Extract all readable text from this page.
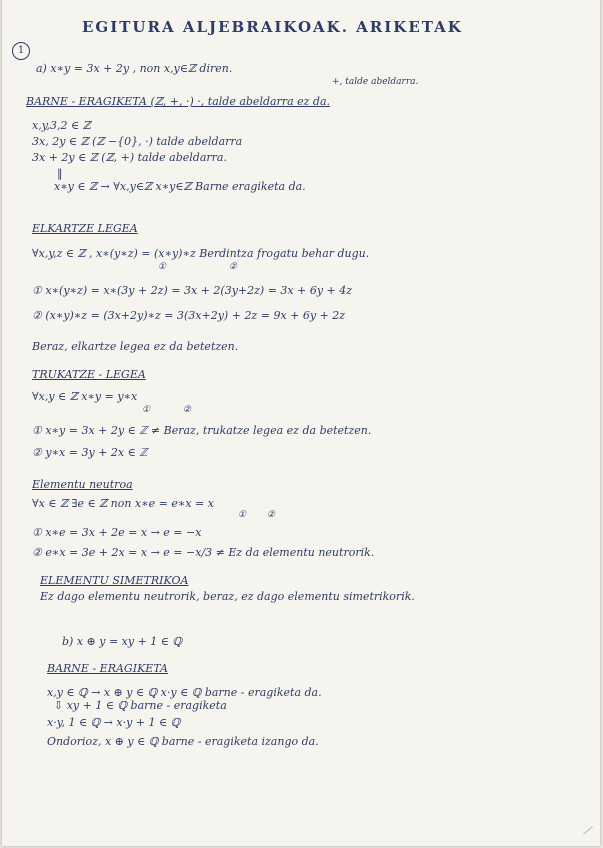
EGITURA ALJEBRAIKOAK. ARIKETAK
1
a) x∗y = 3x + 2y , non x,y∈ℤ diren.
+, talde abeldarra.
BARNE - ERAGIKETA (ℤ, +, ·) ·, talde abeldarra ez da.
x,y,3,2 ∈ ℤ
3x, 2y ∈ ℤ (ℤ −{0}, ·) talde abeldarra
3x + 2y ∈ ℤ (ℤ, +) talde abeldarra.
‖
x∗y ∈ ℤ → ∀x,y∈ℤ x∗y∈ℤ Barne eragiketa da.
ELKARTZE LEGEA
∀x,y,z ∈ ℤ , x∗(y∗z) = (x∗y)∗z Berdintza frogatu behar dugu.
① ②
① x∗(y∗z) = x∗(3y + 2z) = 3x + 2(3y+2z) = 3x + 6y + 4z
② (x∗y)∗z = (3x+2y)∗z = 3(3x+2y) + 2z = 9x + 6y + 2z
Beraz, elkartze legea ez da betetzen.
TRUKATZE - LEGEA
∀x,y ∈ ℤ x∗y = y∗x
① ②
① x∗y = 3x + 2y ∈ ℤ ≠ Beraz, trukatze legea ez da betetzen.
② y∗x = 3y + 2x ∈ ℤ
Elementu neutroa
∀x ∈ ℤ ∃e ∈ ℤ non x∗e = e∗x = x
① ②
① x∗e = 3x + 2e = x → e = −x
② e∗x = 3e + 2x = x → e = −x/3 ≠ Ez da elementu neutrorik.
ELEMENTU SIMETRIKOA
Ez dago elementu neutrorik, beraz, ez dago elementu simetrikorik.
b) x ⊕ y = xy + 1 ∈ ℚ
BARNE - ERAGIKETA
x,y ∈ ℚ → x ⊕ y ∈ ℚ x·y ∈ ℚ barne - eragiketa da.
⇩ xy + 1 ∈ ℚ barne - eragiketa
x·y, 1 ∈ ℚ → x·y + 1 ∈ ℚ
Ondorioz, x ⊕ y ∈ ℚ barne - eragiketa izango da.
